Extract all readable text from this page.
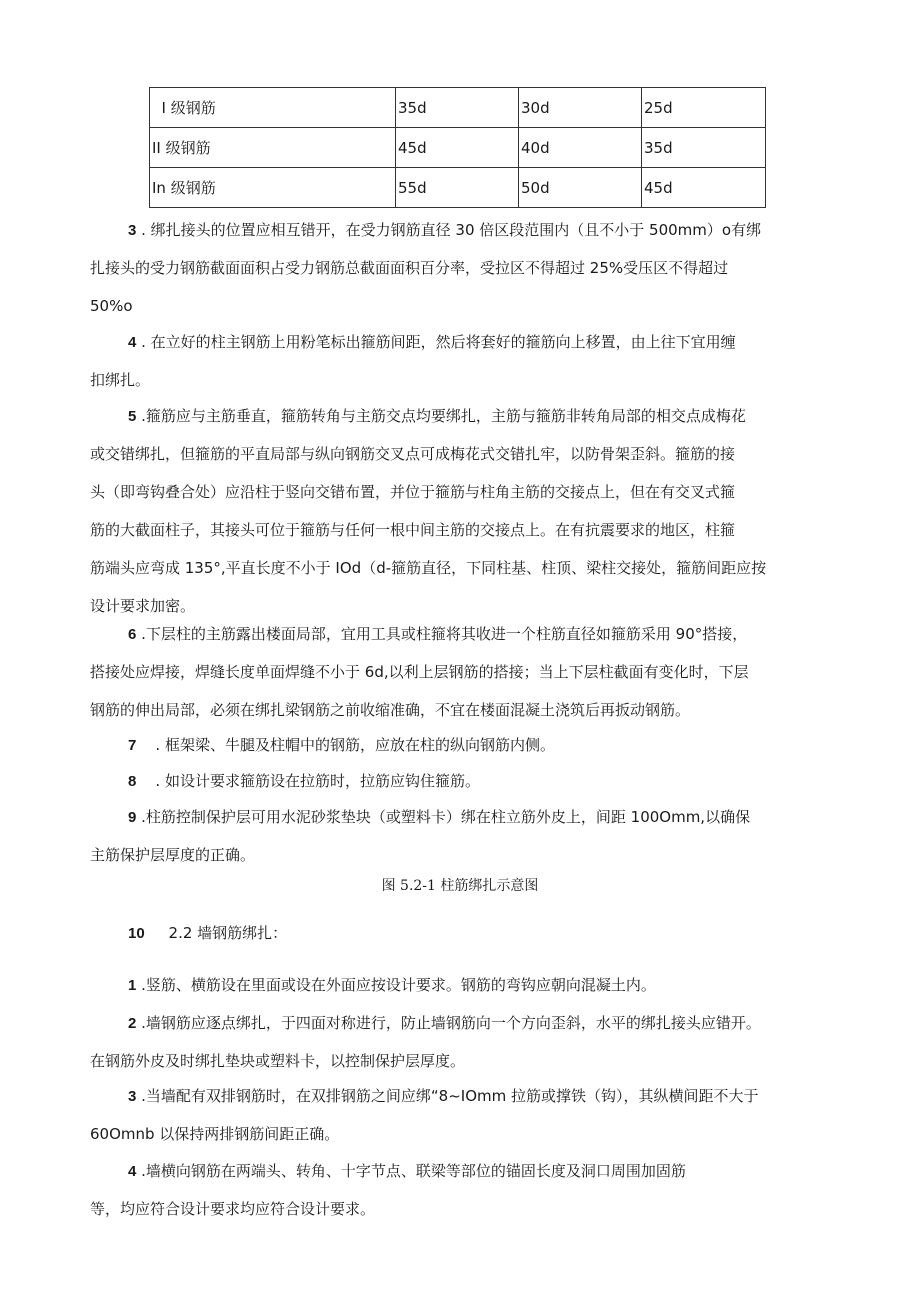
I 级钢筋	35d	30d	25d
II 级钢筋	45d	40d	35d
In 级钢筋	55d	50d	45d
3 . 绑扎接头的位置应相互错开，在受力钢筋直径 30 倍区段范围内（且不小于 500mm）o有绑
扎接头的受力钢筋截面面积占受力钢筋总截面面积百分率，受拉区不得超过 25%受压区不得超过
50%o
4 . 在立好的柱主钢筋上用粉笔标出箍筋间距，然后将套好的箍筋向上移置，由上往下宜用缠
扣绑扎。
5 .箍筋应与主筋垂直，箍筋转角与主筋交点均要绑扎，主筋与箍筋非转角局部的相交点成梅花
或交错绑扎，但箍筋的平直局部与纵向钢筋交叉点可成梅花式交错扎牢，以防骨架歪斜。箍筋的接
头（即弯钩叠合处）应沿柱于竖向交错布置，并位于箍筋与柱角主筋的交接点上，但在有交叉式箍
筋的大截面柱子，其接头可位于箍筋与任何一根中间主筋的交接点上。在有抗震要求的地区，柱箍
筋端头应弯成 135°,平直长度不小于 IOd（d-箍筋直径，下同柱基、柱顶、梁柱交接处，箍筋间距应按
设计要求加密。
6 .下层柱的主筋露出楼面局部，宜用工具或柱箍将其收进一个柱筋直径如箍筋采用 90°搭接，
搭接处应焊接，焊缝长度单面焊缝不小于 6d,以利上层钢筋的搭接；当上下层柱截面有变化时，下层
钢筋的伸出局部，必须在绑扎梁钢筋之前收缩准确，不宜在楼面混凝土浇筑后再扳动钢筋。
7    . 框架梁、牛腿及柱帽中的钢筋，应放在柱的纵向钢筋内侧。
8    . 如设计要求箍筋设在拉筋时，拉筋应钩住箍筋。
9 .柱筋控制保护层可用水泥砂浆垫块（或塑料卡）绑在柱立筋外皮上，间距 100Omm,以确保
主筋保护层厚度的正确。
图 5.2-1 柱筋绑扎示意图
10     2.2 墙钢筋绑扎：
1 .竖筋、横筋设在里面或设在外面应按设计要求。钢筋的弯钩应朝向混凝土内。
2 .墙钢筋应逐点绑扎，于四面对称进行，防止墙钢筋向一个方向歪斜，水平的绑扎接头应错开。
在钢筋外皮及时绑扎垫块或塑料卡，以控制保护层厚度。
3 .当墙配有双排钢筋时，在双排钢筋之间应绑“8~IOmm 拉筋或撑铁（钩），其纵横间距不大于
60Omnb 以保持两排钢筋间距正确。
4 .墙横向钢筋在两端头、转角、十字节点、联梁等部位的锚固长度及洞口周围加固筋
等，均应符合设计要求均应符合设计要求。
